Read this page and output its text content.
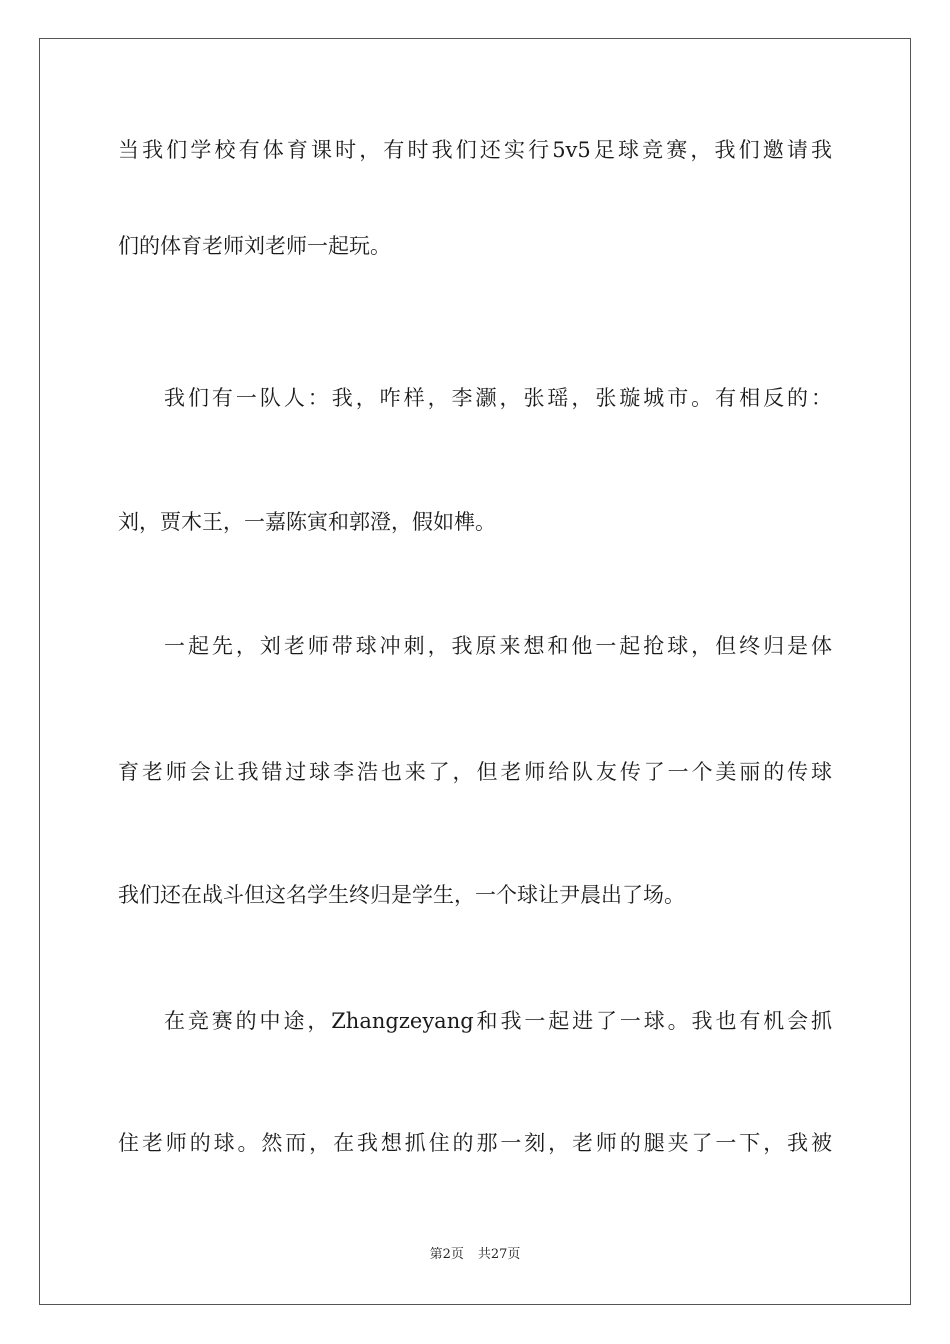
当我们学校有体育课时，有时我们还实行5v5足球竞赛，我们邀请我
们的体育老师刘老师一起玩。
我们有一队人：我，咋样，李灏，张瑶，张璇城市。有相反的：
刘，贾木王，一嘉陈寅和郭澄，假如榫。
一起先，刘老师带球冲刺，我原来想和他一起抢球，但终归是体
育老师会让我错过球李浩也来了，但老师给队友传了一个美丽的传球
我们还在战斗但这名学生终归是学生，一个球让尹晨出了场。
在竞赛的中途，Zhangzeyang和我一起进了一球。我也有机会抓
住老师的球。然而，在我想抓住的那一刻，老师的腿夹了一下，我被
第2页 共27页
